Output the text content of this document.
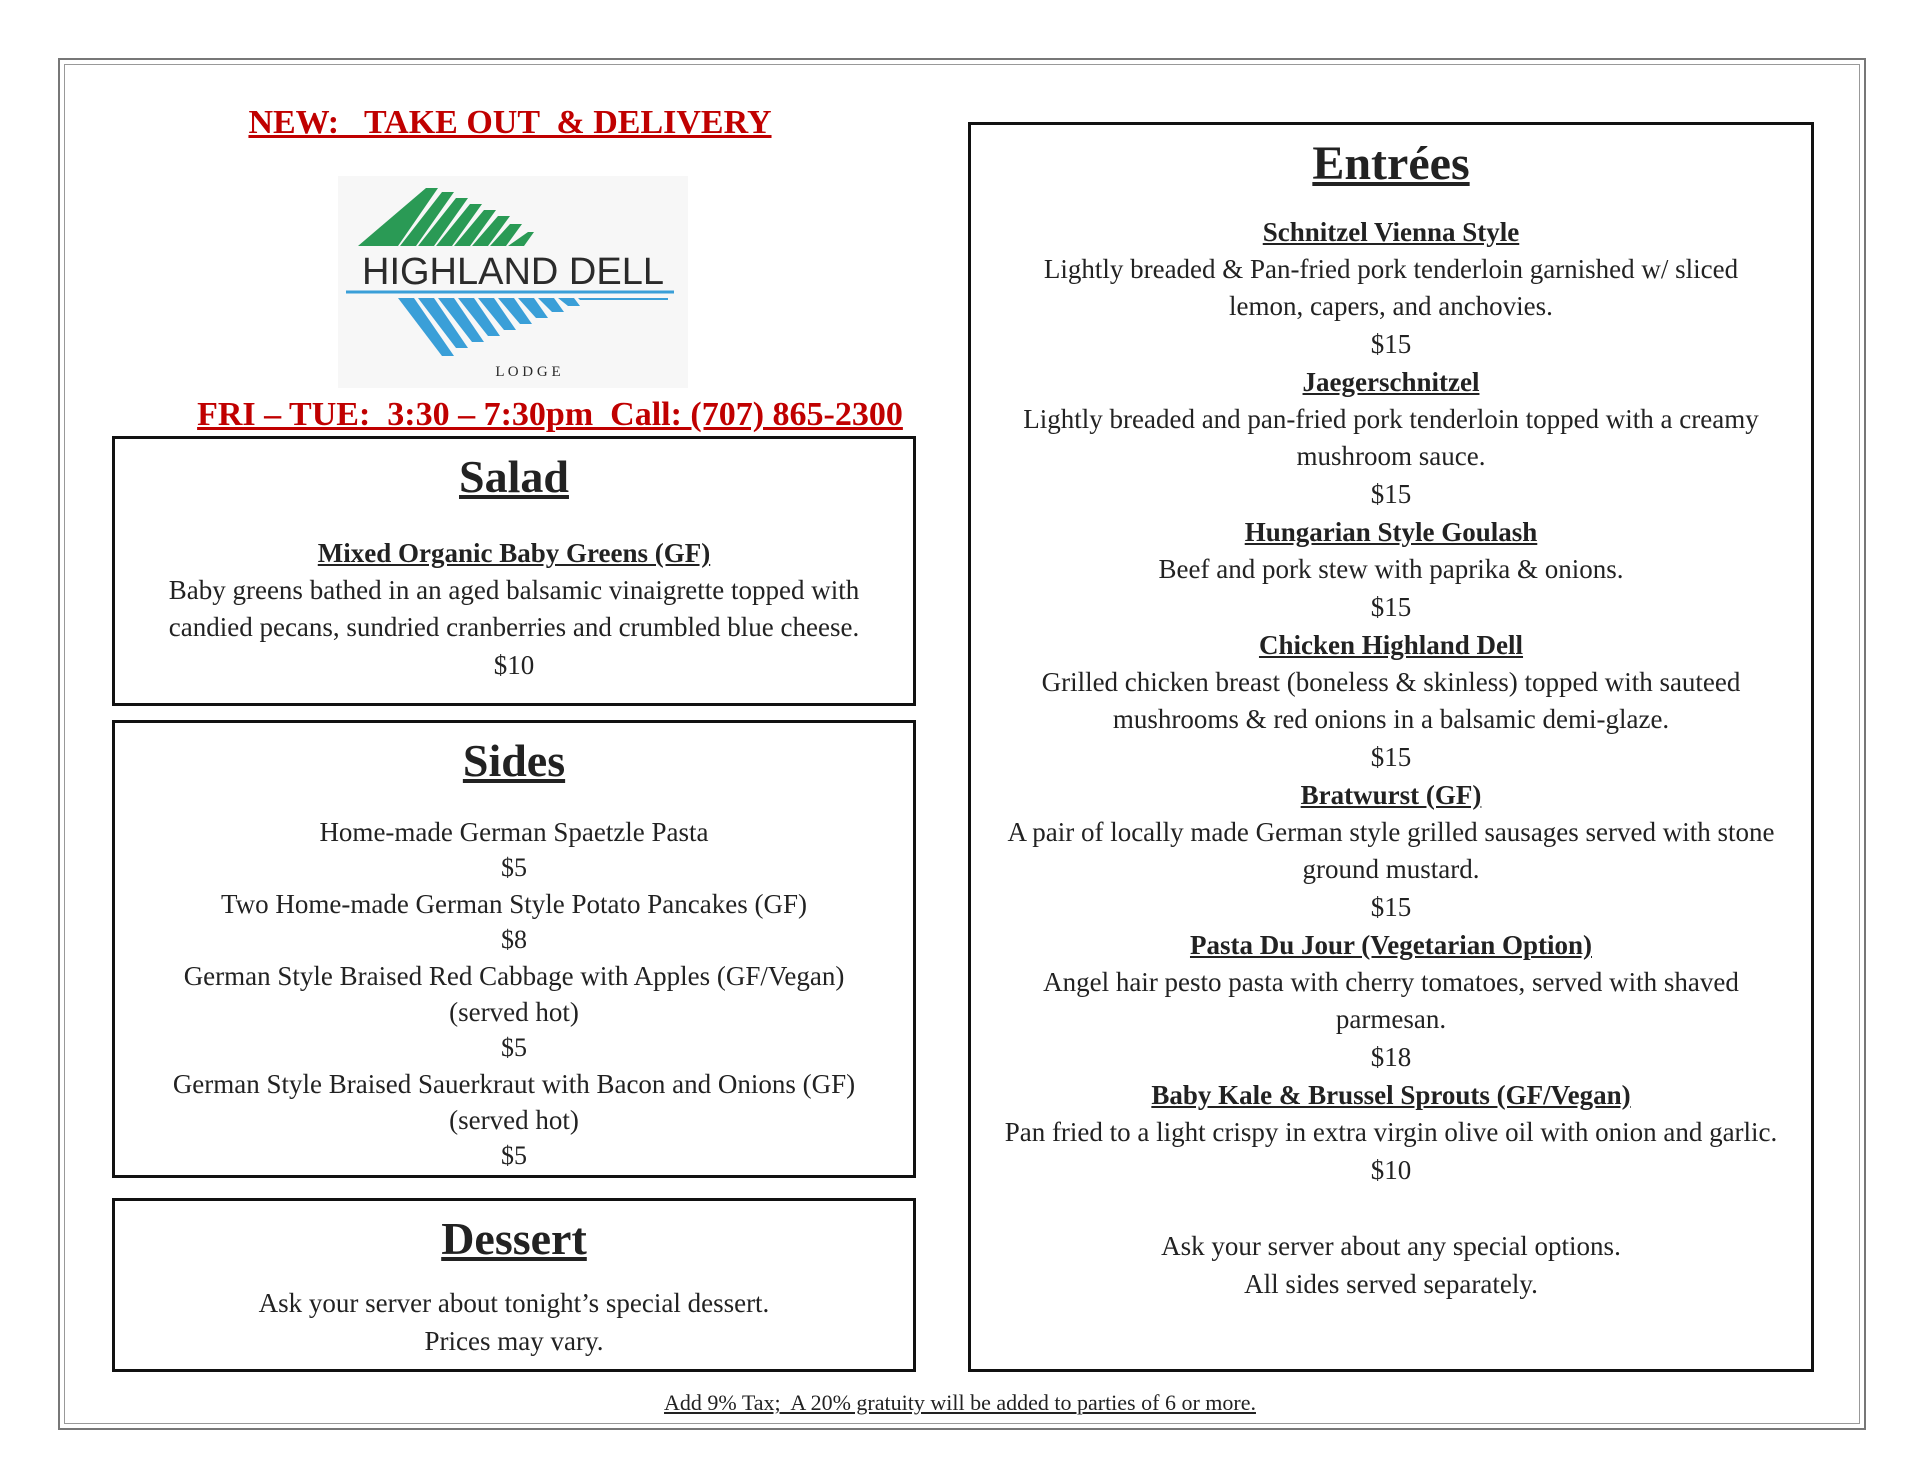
NEW:   TAKE OUT  & DELIVERY
HIGHLAND DELL
L O D G E
FRI – TUE:  3:30 – 7:30pm  Call: (707) 865-2300
Salad
Mixed Organic Baby Greens (GF)
Baby greens bathed in an aged balsamic vinaigrette topped with candied pecans, sundried cranberries and crumbled blue cheese.
$10
Sides
Home-made German Spaetzle Pasta
$5
Two Home-made German Style Potato Pancakes (GF)
$8
German Style Braised Red Cabbage with Apples (GF/Vegan) (served hot)
$5
German Style Braised Sauerkraut with Bacon and Onions (GF) (served hot)
$5
Dessert
Ask your server about tonight’s special dessert.
Prices may vary.
Entrées
Schnitzel Vienna Style
Lightly breaded & Pan-fried pork tenderloin garnished w/ sliced lemon, capers, and anchovies.
$15
Jaegerschnitzel
Lightly breaded and pan-fried pork tenderloin topped with a creamy mushroom sauce.
$15
Hungarian Style Goulash
Beef and pork stew with paprika & onions.
$15
Chicken Highland Dell
Grilled chicken breast (boneless & skinless) topped with sauteed mushrooms & red onions in a balsamic demi-glaze.
$15
Bratwurst (GF)
A pair of locally made German style grilled sausages served with stone ground mustard.
$15
Pasta Du Jour (Vegetarian Option)
Angel hair pesto pasta with cherry tomatoes, served with shaved parmesan.
$18
Baby Kale & Brussel Sprouts (GF/Vegan)
Pan fried to a light crispy in extra virgin olive oil with onion and garlic.
$10
Ask your server about any special options.
All sides served separately.
Add 9% Tax;  A 20% gratuity will be added to parties of 6 or more.
